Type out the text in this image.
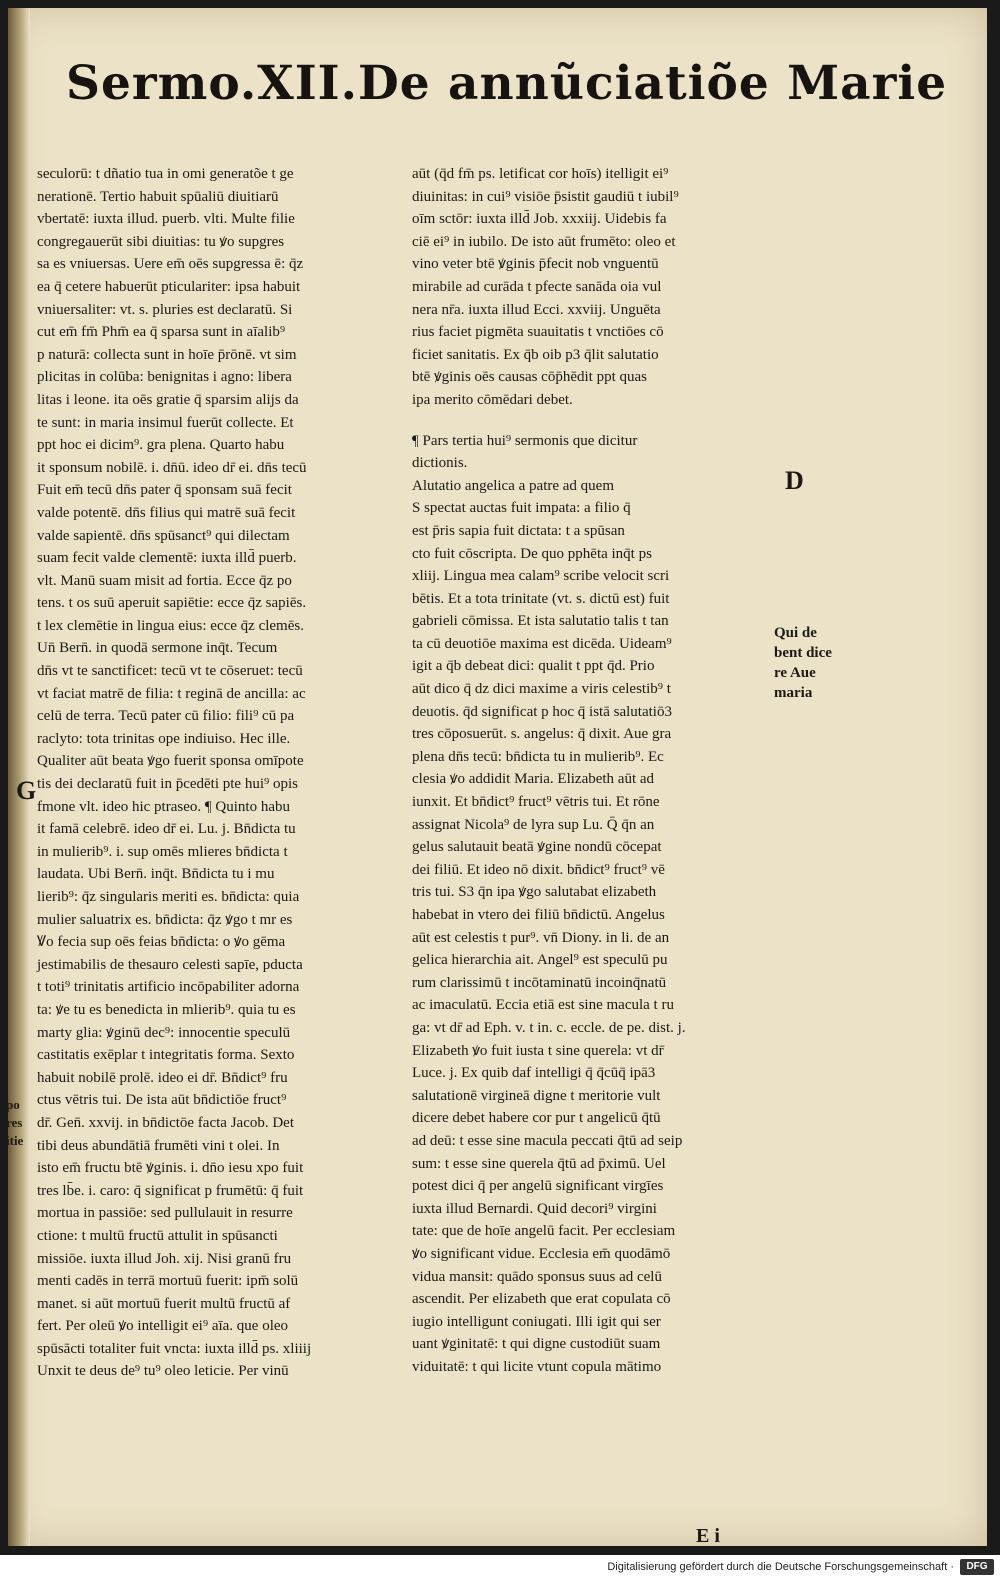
Sermo.XII.De annũciatiõe Marie
seculorū: t dñatio tua in omi generatõe t ge
nerationē. Tertio habuit spūaliū diuitiarū
vbertatē: iuxta illud. puerb. vlti. Multe filie
congregauerūt sibi diuitias: tu ꝟo supgres
sa es vniuersas. Uere em̄ oēs supgressa ē: q̄z
ea q̄ cetere habuerūt pticulariter: ipsa habuit
vniuersaliter: vt. s. pluries est declaratū. Si
cut em̄ fm̄ Phm̄ ea q̄ sparsa sunt in aīalib⁹
p naturā: collecta sunt in hoīe p̄rōnē. vt sim
plicitas in colūba: benignitas i agno: libera
litas i leone. ita oēs gratie q̄ sparsim alijs da
te sunt: in maria insimul fuerūt collecte. Et
ppt hoc ei dicim⁹. gra plena. Quarto habu
it sponsum nobilē. i. dn̄ū. ideo dr̄ ei. dn̄s tecū
Fuit em̄ tecū dn̄s pater q̄ sponsam suā fecit
valde potentē. dn̄s filius qui matrē suā fecit
valde sapientē. dn̄s spūsanct⁹ qui dilectam
suam fecit valde clementē: iuxta illd̄ puerb.
vlt. Manū suam misit ad fortia. Ecce q̄z po
tens. t os suū aperuit sapiētie: ecce q̄z sapiēs.
t lex clemētie in lingua eius: ecce q̄z clemēs.
Un̄ Bern̄. in quodā sermone inq̄t. Tecum
dn̄s vt te sanctificet: tecū vt te cōseruet: tecū
vt faciat matrē de filia: t reginā de ancilla: ac
celū de terra. Tecū pater cū filio: fili⁹ cū pa
raclyto: tota trinitas ope indiuiso. Hec ille.
Qualiter aūt beata ꝟgo fuerit sponsa omīpote
tis dei declaratū fuit in p̄cedēti pte hui⁹ opis
fmone vlt. ideo hic ptraseo. ¶ Quinto habu
it famā celebrē. ideo dr̄ ei. Lu. j. Bn̄dicta tu
in mulierib⁹. i. sup omēs mlieres bn̄dicta t
laudata. Ubi Bern̄. inq̄t. Bn̄dicta tu i mu
lierib⁹: q̄z singularis meriti es. bn̄dicta: quia
mulier saluatrix es. bn̄dicta: q̄z ꝟgo t mr es
Ꝟo fecia sup oēs feias bn̄dicta: o ꝟo gēma
jestimabilis de thesauro celesti sapīe, pducta
t toti⁹ trinitatis artificio incōpabiliter adorna
ta: ꝟe tu es benedicta in mlierib⁹. quia tu es
marty glia: ꝟginū dec⁹: innocentie speculū
castitatis exēplar t integritatis forma. Sexto
habuit nobilē prolē. ideo ei dr̄. Bn̄dict⁹ fru
ctus vētris tui. De ista aūt bn̄dictiōe fruct⁹
dr̄. Gen̄. xxvij. in bn̄dictōe facta Jacob. Det
tibi deus abundātiā frumēti vini t olei. In
isto em̄ fructu btē ꝟginis. i. dn̄o iesu xpo fuit
tres lb̄e. i. caro: q̄ significat p frumētū: q̄ fuit
mortua in passiōe: sed pullulauit in resurre
ctione: t multū fructū attulit in spūsancti
missiōe. iuxta illud Joh. xij. Nisi granū fru
menti cadēs in terrā mortuū fuerit: ipm̄ solū
manet. si aūt mortuū fuerit multū fructū af
fert. Per oleū ꝟo intelligit ei⁹ aīa. que oleo
spūsācti totaliter fuit vncta: iuxta illd̄ ps. xliiij
Unxit te deus de⁹ tu⁹ oleo leticie. Per vinū
aūt (q̄d fm̄ ps. letificat cor hoīs) itelligit ei⁹
diuinitas: in cui⁹ visiōe p̄sistit gaudiū t iubil⁹
oīm sctōr: iuxta illd̄ Job. xxxiij. Uidebis fa
ciē ei⁹ in iubilo. De isto aūt frumēto: oleo et
vino veter btē ꝟginis p̄fecit nob vnguentū
mirabile ad curāda t pfecte sanāda oia vul
nera nr̄a. iuxta illud Ecci. xxviij. Unguēta
rius faciet pigmēta suauitatis t vnctiōes cō
ficiet sanitatis. Ex q̄b oib p3 q̄lit salutatio
btē ꝟginis oēs causas cōp̄hēdit ppt quas
ipa merito cōmēdari debet.
¶ Pars tertia hui⁹ sermonis que dicitur
dictionis.
Alutatio angelica a patre ad quem
S spectat auctas fuit impata: a filio q̄
est p̄ris sapia fuit dictata: t a spūsan
cto fuit cōscripta. De quo pphēta inq̄t ps
xliij. Lingua mea calam⁹ scribe velocit scri
bētis. Et a tota trinitate (vt. s. dictū est) fuit
gabrieli cōmissa. Et ista salutatio talis t tan
ta cū deuotiōe maxima est dicēda. Uideam⁹
igit a q̄b debeat dici: qualit t ppt q̄d. Prio
aūt dico q̄ dz dici maxime a viris celestib⁹ t
deuotis. q̄d significat p hoc q̄ istā salutatiō3
tres cōposuerūt. s. angelus: q̄ dixit. Aue gra
plena dn̄s tecū: bn̄dicta tu in mulierib⁹. Ec
clesia ꝟo addidit Maria. Elizabeth aūt ad
iunxit. Et bn̄dict⁹ fruct⁹ vētris tui. Et rōne
assignat Nicola⁹ de lyra sup Lu. Q̄ q̄n an
gelus salutauit beatā ꝟgine nondū cōcepat
dei filiū. Et ideo nō dixit. bn̄dict⁹ fruct⁹ vē
tris tui. S3 q̄n ipa ꝟgo salutabat elizabeth
habebat in vtero dei filiū bn̄dictū. Angelus
aūt est celestis t pur⁹. vn̄ Diony. in li. de an
gelica hierarchia ait. Angel⁹ est speculū pu
rum clarissimū t incōtaminatū incoinq̄natū
ac imaculatū. Eccia etiā est sine macula t ru
ga: vt dr̄ ad Eph. v. t in. c. eccle. de pe. dist. j.
Elizabeth ꝟo fuit iusta t sine querela: vt dr̄
Luce. j. Ex quib daf intelligi q̄ q̄cūq̄ ipā3
salutationē virgineā digne t meritorie vult
dicere debet habere cor pur t angelicū q̄tū
ad deū: t esse sine macula peccati q̄tū ad seip
sum: t esse sine querela q̄tū ad p̄ximū. Uel
potest dici q̄ per angelū significant virgīes
iuxta illud Bernardi. Quid decori⁹ virgini
tate: que de hoīe angelū facit. Per ecclesiam
ꝟo significant vidue. Ecclesia em̄ quodāmō
vidua mansit: quādo sponsus suus ad celū
ascendit. Per elizabeth que erat copulata cō
iugio intelligunt coniugati. Illi igit qui ser
uant ꝟginitatē: t qui digne custodiūt suam
viduitatē: t qui licite vtunt copula mātimo
D
Qui de
bent dice
re Aue
maria
G
po
res
itie
E i
Digitalisierung gefördert durch die Deutsche Forschungsgemeinschaft ·	DFG
